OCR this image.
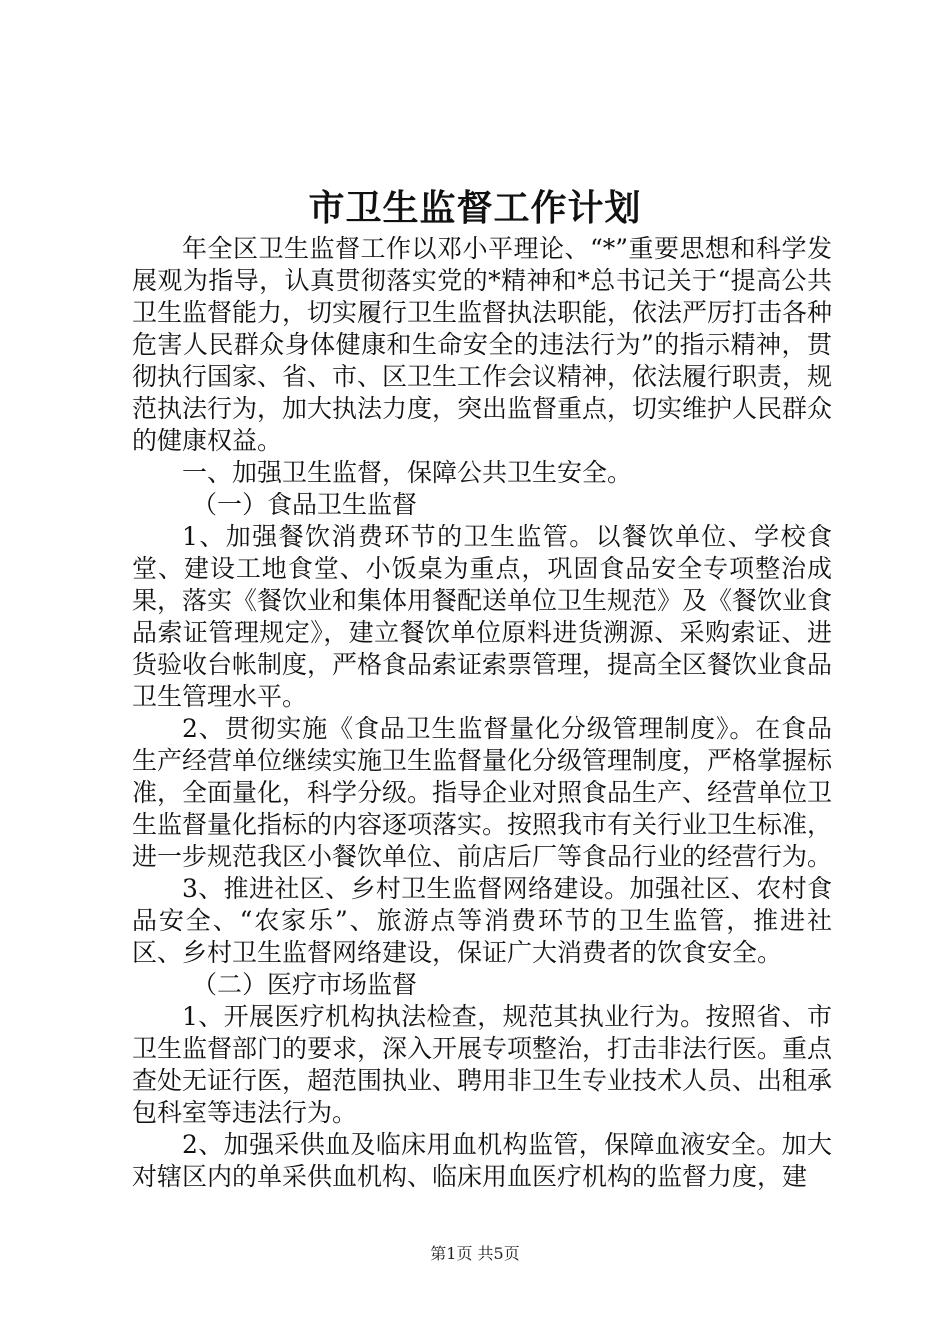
市卫生监督工作计划

年全区卫生监督工作以邓小平理论、“*”重要思想和科学发展观为指导，认真贯彻落实党的*精神和*总书记关于“提高公共卫生监督能力，切实履行卫生监督执法职能，依法严厉打击各种危害人民群众身体健康和生命安全的违法行为”的指示精神，贯彻执行国家、省、市、区卫生工作会议精神，依法履行职责，规范执法行为，加大执法力度，突出监督重点，切实维护人民群众的健康权益。

一、加强卫生监督，保障公共卫生安全。

（一）食品卫生监督

1、加强餐饮消费环节的卫生监管。以餐饮单位、学校食堂、建设工地食堂、小饭桌为重点，巩固食品安全专项整治成果，落实《餐饮业和集体用餐配送单位卫生规范》及《餐饮业食品索证管理规定》，建立餐饮单位原料进货溯源、采购索证、进货验收台帐制度，严格食品索证索票管理，提高全区餐饮业食品卫生管理水平。

2、贯彻实施《食品卫生监督量化分级管理制度》。在食品生产经营单位继续实施卫生监督量化分级管理制度，严格掌握标准，全面量化，科学分级。指导企业对照食品生产、经营单位卫生监督量化指标的内容逐项落实。按照我市有关行业卫生标准，进一步规范我区小餐饮单位、前店后厂等食品行业的经营行为。

3、推进社区、乡村卫生监督网络建设。加强社区、农村食品安全、“农家乐”、旅游点等消费环节的卫生监管，推进社区、乡村卫生监督网络建设，保证广大消费者的饮食安全。

（二）医疗市场监督

1、开展医疗机构执法检查，规范其执业行为。按照省、市卫生监督部门的要求，深入开展专项整治，打击非法行医。重点查处无证行医，超范围执业、聘用非卫生专业技术人员、出租承包科室等违法行为。

2、加强采供血及临床用血机构监管，保障血液安全。加大对辖区内的单采供血机构、临床用血医疗机构的监督力度，建

第1页 共5页
